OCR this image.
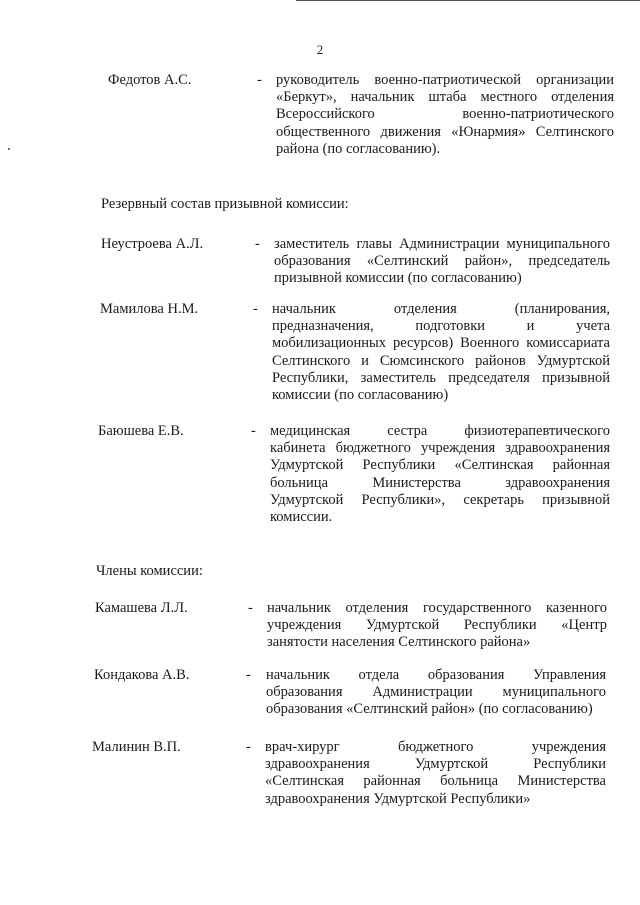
2
Федотов А.С.	- руководитель военно-патриотической организации
«Беркут», начальник штаба местного отделения
Всероссийского военно-патриотического
общественного движения «Юнармия» Селтинского
района (по согласованию).
Резервный состав призывной комиссии:
Неустроева А.Л.	- заместитель главы Администрации муниципального
образования «Селтинский район», председатель
призывной комиссии (по согласованию)
Мамилова Н.М.	- начальник отделения (планирования,
предназначения, подготовки и учета
мобилизационных ресурсов) Военного комиссариата
Селтинского и Сюмсинского районов Удмуртской
Республики, заместитель председателя призывной
комиссии (по согласованию)
Баюшева Е.В.	- медицинская сестра физиотерапевтического
кабинета бюджетного учреждения здравоохранения
Удмуртской Республики «Селтинская районная
больница Министерства здравоохранения
Удмуртской Республики», секретарь призывной
комиссии.
Члены комиссии:
Камашева Л.Л.	- начальник отделения государственного казенного
учреждения Удмуртской Республики «Центр
занятости населения Селтинского района»
Кондакова А.В.	- начальник отдела образования Управления
образования Администрации муниципального
образования «Селтинский район» (по согласованию)
Малинин В.П.	- врач-хирург бюджетного учреждения
здравоохранения Удмуртской Республики
«Селтинская районная больница Министерства
здравоохранения Удмуртской Республики»
